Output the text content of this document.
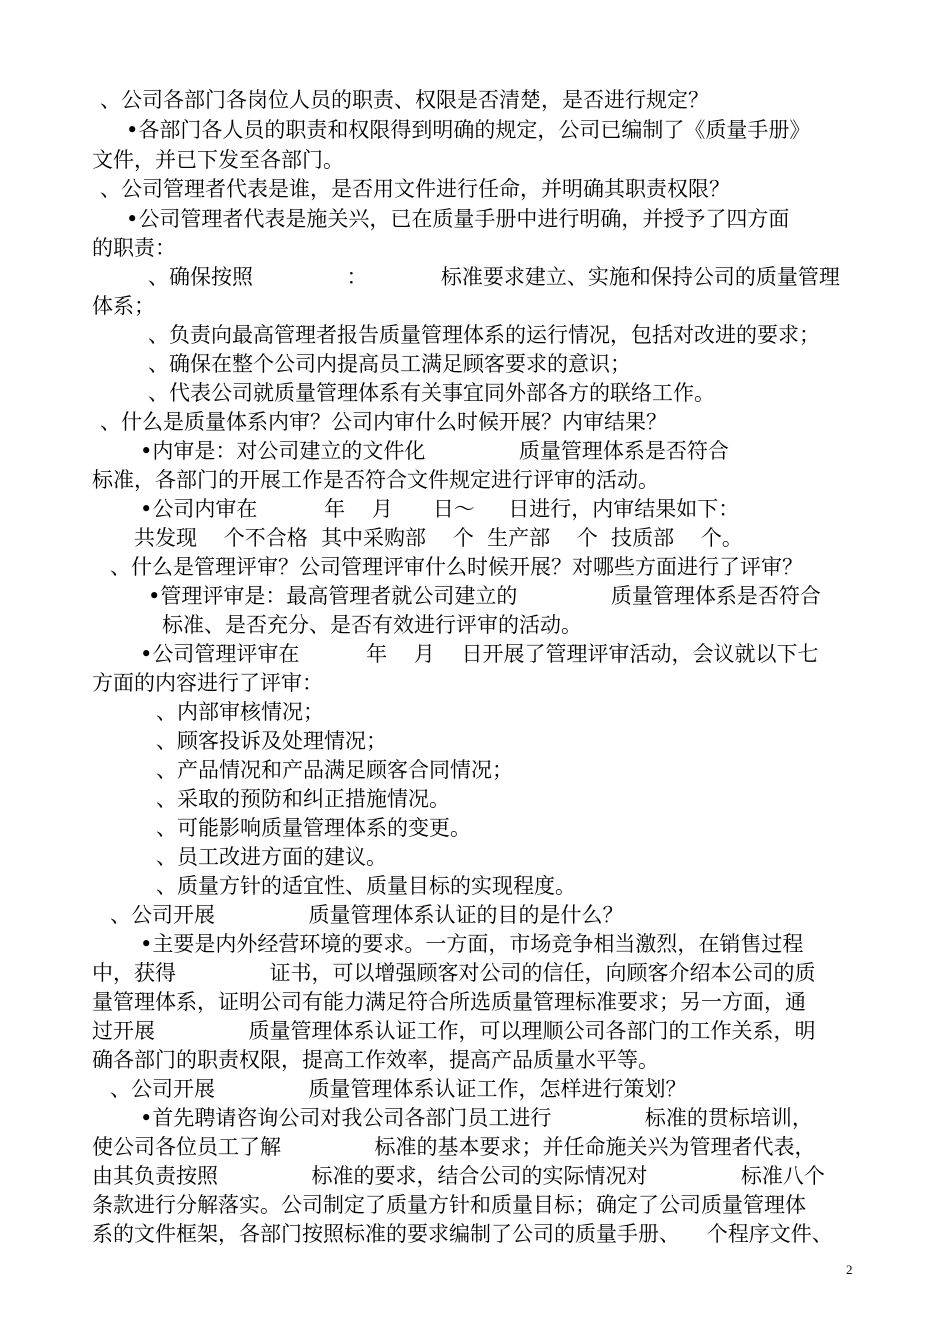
、公司各部门各岗位人员的职责、权限是否清楚，是否进行规定？

•各部门各人员的职责和权限得到明确的规定，公司已编制了《质量手册》

文件，并已下发至各部门。

、公司管理者代表是谁，是否用文件进行任命，并明确其职责权限？

•公司管理者代表是施关兴，已在质量手册中进行明确，并授予了四方面

的职责：

、确保按照              ：           标准要求建立、实施和保持公司的质量管理

体系；

、负责向最高管理者报告质量管理体系的运行情况，包括对改进的要求；

、确保在整个公司内提高员工满足顾客要求的意识；

、代表公司就质量管理体系有关事宜同外部各方的联络工作。

、什么是质量体系内审？公司内审什么时候开展？内审结果？

•内审是：对公司建立的文件化              质量管理体系是否符合

标准，各部门的开展工作是否符合文件规定进行评审的活动。

•公司内审在          年    月      日～     日进行，内审结果如下：

共发现    个不合格  其中采购部    个  生产部    个  技质部    个。

、什么是管理评审？公司管理评审什么时候开展？对哪些方面进行了评审？

•管理评审是：最高管理者就公司建立的              质量管理体系是否符合

标准、是否充分、是否有效进行评审的活动。

•公司管理评审在          年    月    日开展了管理评审活动，会议就以下七

方面的内容进行了评审：

、内部审核情况；

、顾客投诉及处理情况；

、产品情况和产品满足顾客合同情况；

、采取的预防和纠正措施情况。

、可能影响质量管理体系的变更。

、员工改进方面的建议。

、质量方针的适宜性、质量目标的实现程度。

、公司开展              质量管理体系认证的目的是什么？

•主要是内外经营环境的要求。一方面，市场竞争相当激烈，在销售过程

中，获得              证书，可以增强顾客对公司的信任，向顾客介绍本公司的质

量管理体系，证明公司有能力满足符合所选质量管理标准要求；另一方面，通

过开展              质量管理体系认证工作，可以理顺公司各部门的工作关系，明

确各部门的职责权限，提高工作效率，提高产品质量水平等。

、公司开展              质量管理体系认证工作，怎样进行策划？

•首先聘请咨询公司对我公司各部门员工进行              标准的贯标培训，

使公司各位员工了解              标准的基本要求；并任命施关兴为管理者代表，

由其负责按照              标准的要求，结合公司的实际情况对              标准八个

条款进行分解落实。公司制定了质量方针和质量目标；确定了公司质量管理体

系的文件框架，各部门按照标准的要求编制了公司的质量手册、    个程序文件、

2
